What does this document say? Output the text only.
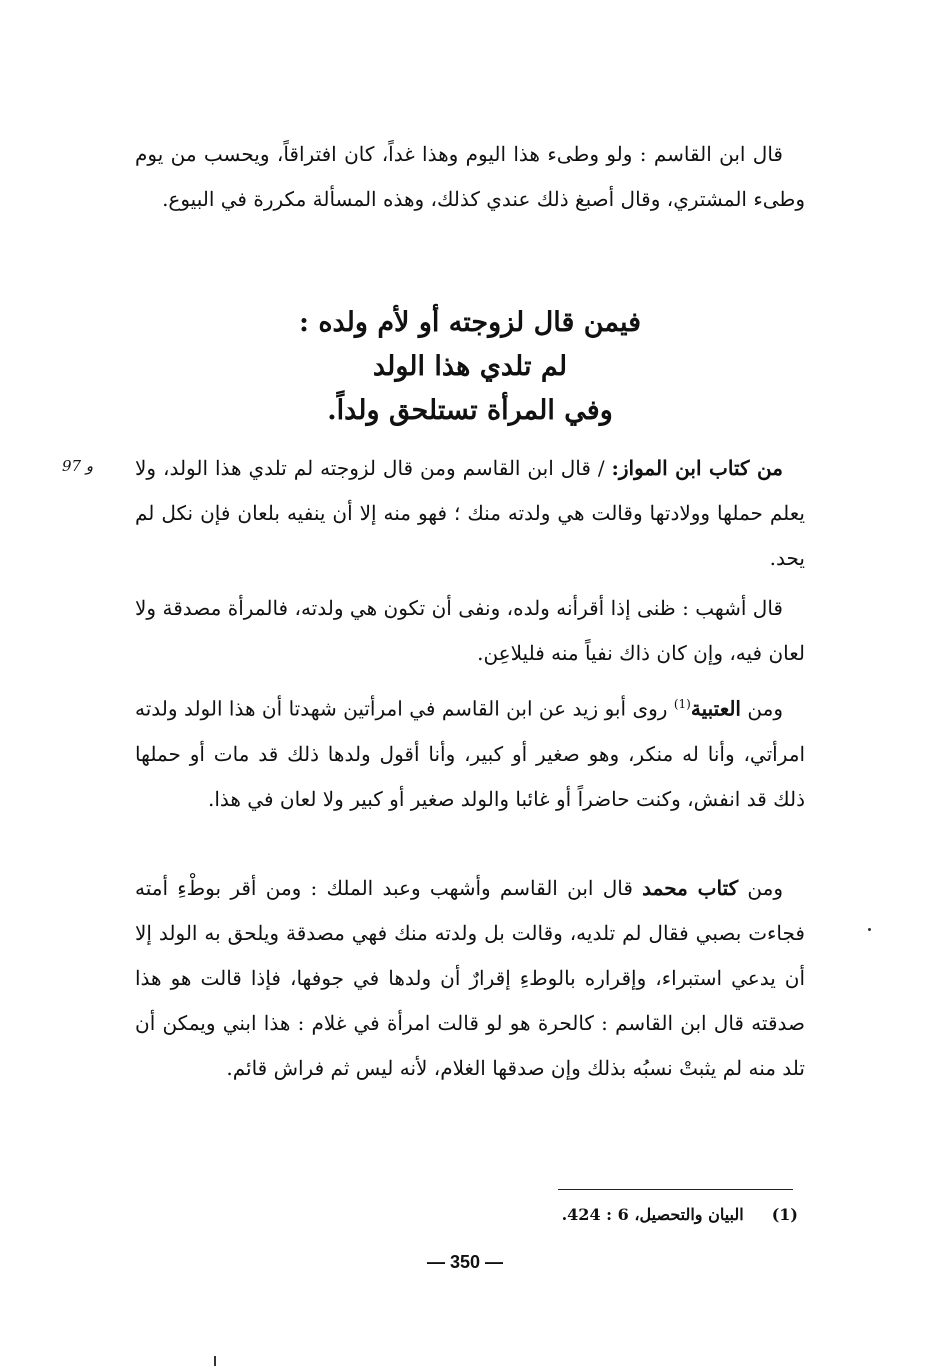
قال ابن القاسم : ولو وطىء هذا اليوم وهذا غداً، كان افتراقاً، ويحسب من يوم وطىء المشتري، وقال أصبغ ذلك عندي كذلك، وهذه المسألة مكررة في البيوع.

فيمن قال لزوجته أو لأم ولده :
لم تلدي هذا الولد
وفي المرأة تستلحق ولداً.
97 و	من كتاب ابن المواز: / قال ابن القاسم ومن قال لزوجته لم تلدي هذا الولد، ولا يعلم حملها وولادتها وقالت هي ولدته منك ؛ فهو منه إلا أن ينفيه بلعان فإن نكل لم يحد.

قال أشهب : ظنى إذا أقرأنه ولده، ونفى أن تكون هي ولدته، فالمرأة مصدقة ولا لعان فيه، وإن كان ذاك نفياً منه فليلاعِن.

ومن العتبية$^{(1)}$ روى أبو زيد عن ابن القاسم في امرأتين شهدتا أن هذا الولد ولدته امرأتي، وأنا له منكر، وهو صغير أو كبير، وأنا أقول ولدها ذلك قد مات أو حملها ذلك قد انفش، وكنت حاضراً أو غائبا والولد صغير أو كبير ولا لعان في هذا.

ومن كتاب محمد قال ابن القاسم وأشهب وعبد الملك : ومن أقر بوطْءِ أمته فجاءت بصبي فقال لم تلديه، وقالت بل ولدته منك فهي مصدقة ويلحق به الولد إلا أن يدعي استبراء، وإقراره بالوطءِ إقرارٌ أن ولدها في جوفها، فإذا قالت هو هذا صدقته قال ابن القاسم : كالحرة هو لو قالت امرأة في غلام : هذا ابني ويمكن أن تلد منه لم يثبتْ نسبُه بذلك وإن صدقها الغلام، لأنه ليس ثم فراش قائم.

(1)البيان والتحصيل، 6 : 424.
— 350 —
